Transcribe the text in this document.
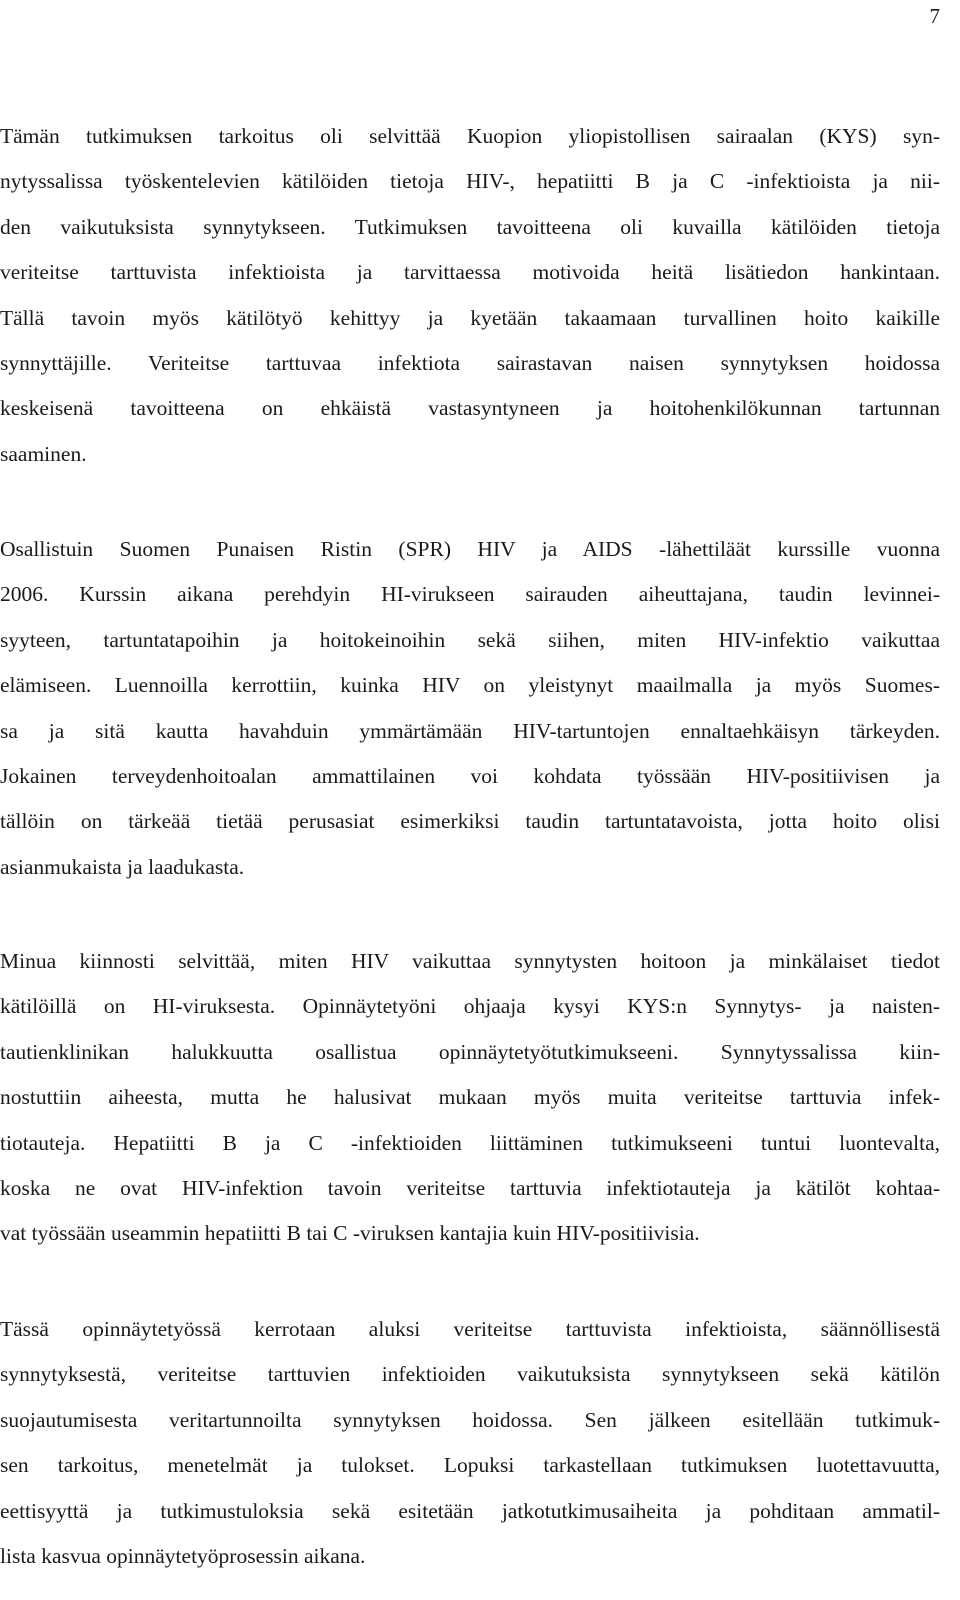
7
Tämän tutkimuksen tarkoitus oli selvittää Kuopion yliopistollisen sairaalan (KYS) syn-
nytyssalissa työskentelevien kätilöiden tietoja HIV-, hepatiitti B ja C -infektioista ja nii-
den vaikutuksista synnytykseen. Tutkimuksen tavoitteena oli kuvailla kätilöiden tietoja
veriteitse tarttuvista infektioista ja tarvittaessa motivoida heitä lisätiedon hankintaan.
Tällä tavoin myös kätilötyö kehittyy ja kyetään takaamaan turvallinen hoito kaikille
synnyttäjille. Veriteitse tarttuvaa infektiota sairastavan naisen synnytyksen hoidossa
keskeisenä tavoitteena on ehkäistä vastasyntyneen ja hoitohenkilökunnan tartunnan
saaminen.
Osallistuin Suomen Punaisen Ristin (SPR) HIV ja AIDS -lähettiläät kurssille vuonna
2006. Kurssin aikana perehdyin HI-virukseen sairauden aiheuttajana, taudin levinnei-
syyteen, tartuntatapoihin ja hoitokeinoihin sekä siihen, miten HIV-infektio vaikuttaa
elämiseen. Luennoilla kerrottiin, kuinka HIV on yleistynyt maailmalla ja myös Suomes-
sa ja sitä kautta havahduin ymmärtämään HIV-tartuntojen ennaltaehkäisyn tärkeyden.
Jokainen terveydenhoitoalan ammattilainen voi kohdata työssään HIV-positiivisen ja
tällöin on tärkeää tietää perusasiat esimerkiksi taudin tartuntatavoista, jotta hoito olisi
asianmukaista ja laadukasta.
Minua kiinnosti selvittää, miten HIV vaikuttaa synnytysten hoitoon ja minkälaiset tiedot
kätilöillä on HI-viruksesta. Opinnäytetyöni ohjaaja kysyi KYS:n Synnytys- ja naisten-
tautienklinikan halukkuutta osallistua opinnäytetyötutkimukseeni. Synnytyssalissa kiin-
nostuttiin aiheesta, mutta he halusivat mukaan myös muita veriteitse tarttuvia infek-
tiotauteja. Hepatiitti B ja C -infektioiden liittäminen tutkimukseeni tuntui luontevalta,
koska ne ovat HIV-infektion tavoin veriteitse tarttuvia infektiotauteja ja kätilöt kohtaa-
vat työssään useammin hepatiitti B tai C -viruksen kantajia kuin HIV-positiivisia.
Tässä opinnäytetyössä kerrotaan aluksi veriteitse tarttuvista infektioista, säännöllisestä
synnytyksestä, veriteitse tarttuvien infektioiden vaikutuksista synnytykseen sekä kätilön
suojautumisesta veritartunnoilta synnytyksen hoidossa. Sen jälkeen esitellään tutkimuk-
sen tarkoitus, menetelmät ja tulokset. Lopuksi tarkastellaan tutkimuksen luotettavuutta,
eettisyyttä ja tutkimustuloksia sekä esitetään jatkotutkimusaiheita ja pohditaan ammatil-
lista kasvua opinnäytetyöprosessin aikana.
